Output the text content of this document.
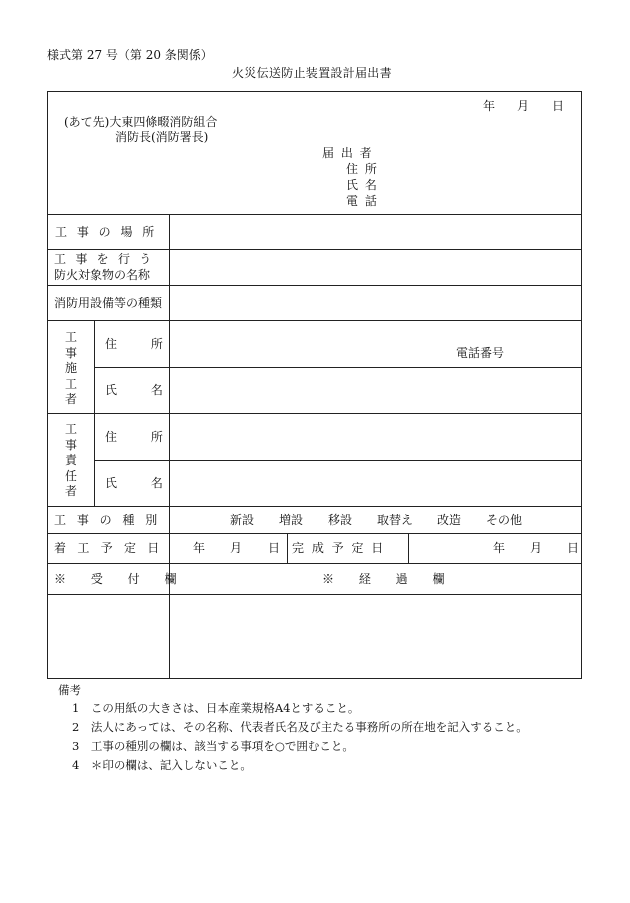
様式第 27 号（第 20 条関係）
火災伝送防止装置設計届出書
年 月 日
(あて先)大東四條畷消防組合
消防長(消防署長)
届 出 者
住 所
氏 名
電 話
工 事 の 場 所
工 事 を 行 う
防火対象物の名称
消防用設備等の種類
工 事 施 工 者
住 所
電話番号
氏 名
工 事 責 任 者
住 所
氏 名
工 事 の 種 別	新設 増設 移設 取替え 改造 その他
着 工 予 定 日	年 月 日 完 成 予 定 日	年 月 日
※ 受 付 欄	※ 経 過 欄
備考
1　この用紙の大きさは、日本産業規格A4とすること。
2　法人にあっては、その名称、代表者氏名及び主たる事務所の所在地を記入すること。
3　工事の種別の欄は、該当する事項を○で囲むこと。
4　＊印の欄は、記入しないこと。
